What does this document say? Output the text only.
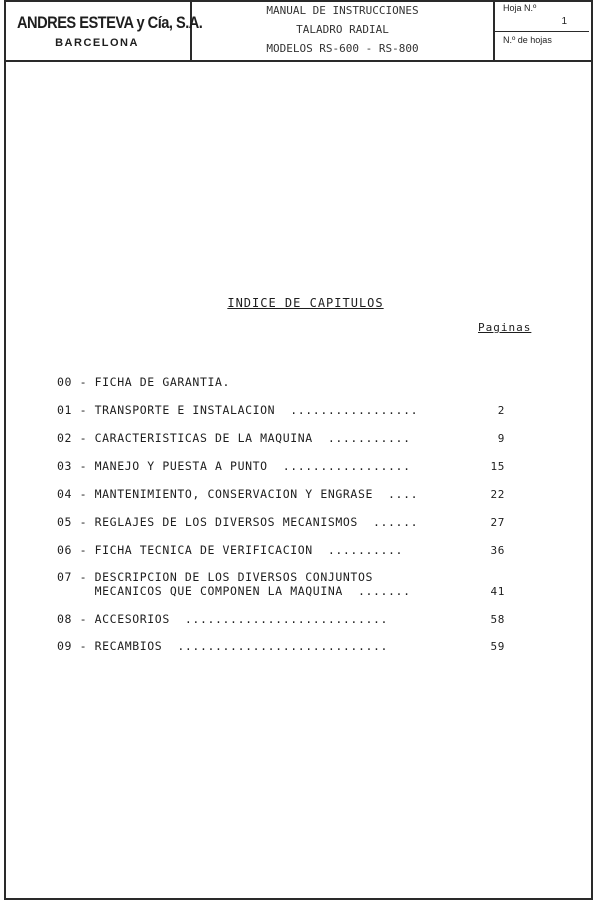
ANDRES ESTEVA y Cía, S.A.
BARCELONA
MANUAL DE INSTRUCCIONES
TALADRO RADIAL
MODELOS RS-600 - RS-800
Hoja N.º
1
N.º de hojas
INDICE DE CAPITULOS
Paginas
00 - FICHA DE GARANTIA.
01 - TRANSPORTE E INSTALACION  .................	2
02 - CARACTERISTICAS DE LA MAQUINA  ...........	9
03 - MANEJO Y PUESTA A PUNTO  .................	15
04 - MANTENIMIENTO, CONSERVACION Y ENGRASE  ....	22
05 - REGLAJES DE LOS DIVERSOS MECANISMOS  ......	27
06 - FICHA TECNICA DE VERIFICACION  ..........	36
07 - DESCRIPCION DE LOS DIVERSOS CONJUNTOS
MECANICOS QUE COMPONEN LA MAQUINA  .......	41
08 - ACCESORIOS  ...........................	58
09 - RECAMBIOS  ............................	59
